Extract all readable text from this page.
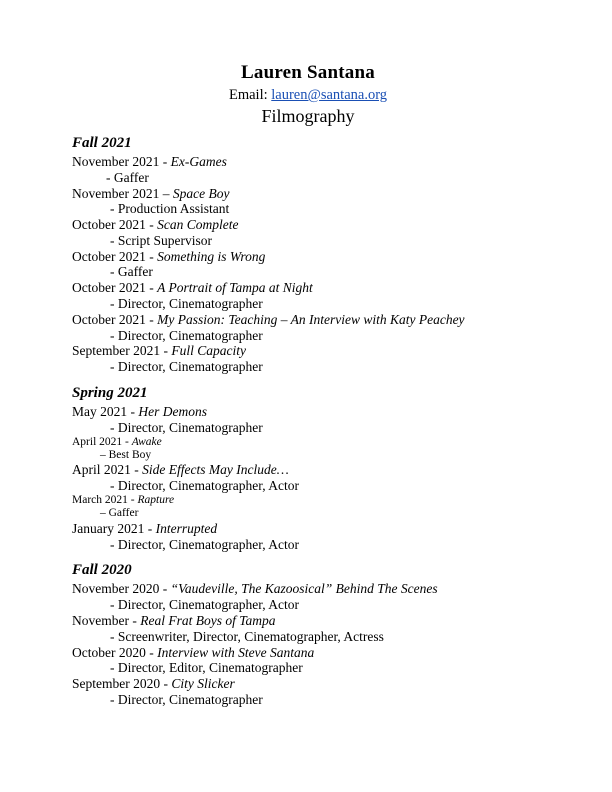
Lauren Santana
Email: lauren@santana.org
Filmography
Fall 2021
November 2021 - Ex-Games
- Gaffer
November 2021 – Space Boy
- Production Assistant
October 2021 - Scan Complete
- Script Supervisor
October 2021 - Something is Wrong
- Gaffer
October 2021 - A Portrait of Tampa at Night
- Director, Cinematographer
October 2021 - My Passion: Teaching – An Interview with Katy Peachey
- Director, Cinematographer
September 2021 - Full Capacity
- Director, Cinematographer
Spring 2021
May 2021 - Her Demons
- Director, Cinematographer
April 2021 - Awake
– Best Boy
April 2021 - Side Effects May Include…
- Director, Cinematographer, Actor
March 2021 - Rapture
– Gaffer
January 2021 - Interrupted
- Director, Cinematographer, Actor
Fall 2020
November 2020 - “Vaudeville, The Kazoosical” Behind The Scenes
- Director, Cinematographer, Actor
November - Real Frat Boys of Tampa
- Screenwriter, Director, Cinematographer, Actress
October 2020 - Interview with Steve Santana
- Director, Editor, Cinematographer
September 2020 - City Slicker
- Director, Cinematographer
